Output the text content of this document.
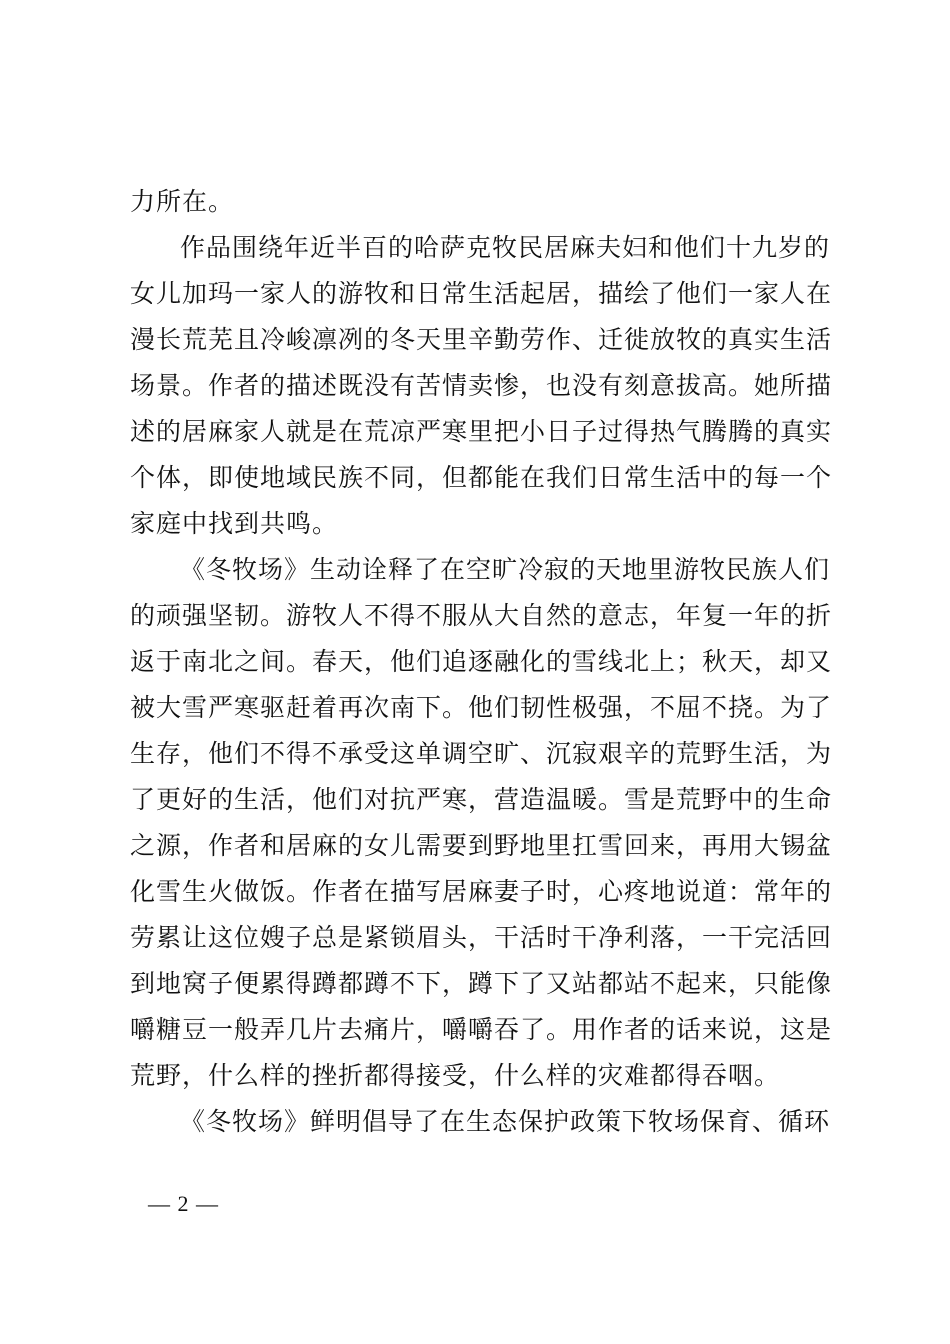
力所在。
作品围绕年近半百的哈萨克牧民居麻夫妇和他们十九岁的
女儿加玛一家人的游牧和日常生活起居，描绘了他们一家人在
漫长荒芜且冷峻凛冽的冬天里辛勤劳作、迁徙放牧的真实生活
场景。作者的描述既没有苦情卖惨，也没有刻意拔高。她所描
述的居麻家人就是在荒凉严寒里把小日子过得热气腾腾的真实
个体，即使地域民族不同，但都能在我们日常生活中的每一个
家庭中找到共鸣。
《冬牧场》生动诠释了在空旷冷寂的天地里游牧民族人们
的顽强坚韧。游牧人不得不服从大自然的意志，年复一年的折
返于南北之间。春天，他们追逐融化的雪线北上；秋天，却又
被大雪严寒驱赶着再次南下。他们韧性极强，不屈不挠。为了
生存，他们不得不承受这单调空旷、沉寂艰辛的荒野生活，为
了更好的生活，他们对抗严寒，营造温暖。雪是荒野中的生命
之源，作者和居麻的女儿需要到野地里扛雪回来，再用大锡盆
化雪生火做饭。作者在描写居麻妻子时，心疼地说道：常年的
劳累让这位嫂子总是紧锁眉头，干活时干净利落，一干完活回
到地窝子便累得蹲都蹲不下，蹲下了又站都站不起来，只能像
嚼糖豆一般弄几片去痛片，嚼嚼吞了。用作者的话来说，这是
荒野，什么样的挫折都得接受，什么样的灾难都得吞咽。
《冬牧场》鲜明倡导了在生态保护政策下牧场保育、循环
— 2 —
